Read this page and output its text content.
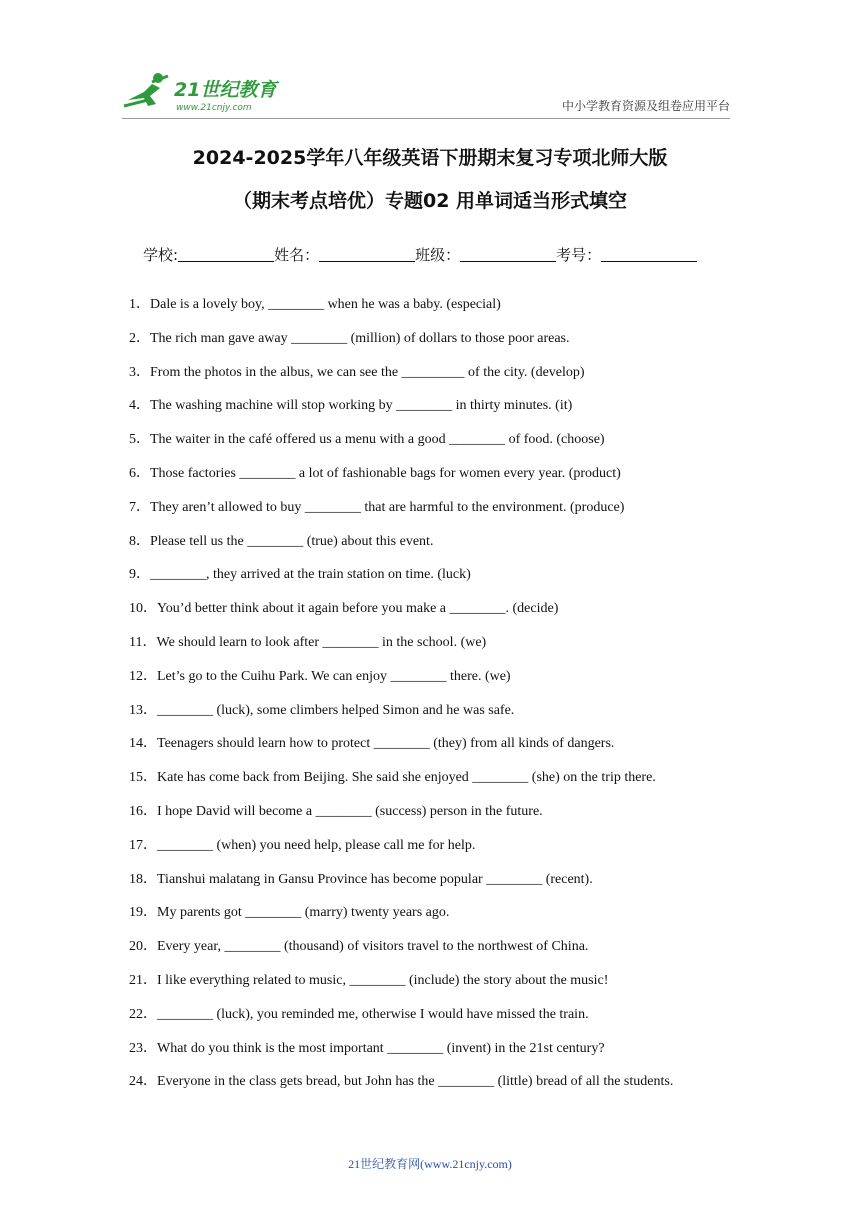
21世纪教育
www.21cnjy.com	中小学教育资源及组卷应用平台
2024-2025学年八年级英语下册期末复习专项北师大版
（期末考点培优）专题02 用单词适当形式填空
学校:	姓名：	班级：	考号：
1．Dale is a lovely boy, ________ when he was a baby. (especial)
2．The rich man gave away ________ (million) of dollars to those poor areas.
3．From the photos in the albus, we can see the _________ of the city. (develop)
4．The washing machine will stop working by ________ in thirty minutes. (it)
5．The waiter in the café offered us a menu with a good ________ of food. (choose)
6．Those factories ________ a lot of fashionable bags for women every year. (product)
7．They aren’t allowed to buy ________ that are harmful to the environment. (produce)
8．Please tell us the ________ (true) about this event.
9．________, they arrived at the train station on time. (luck)
10．You’d better think about it again before you make a ________. (decide)
11．We should learn to look after ________ in the school. (we)
12．Let’s go to the Cuihu Park. We can enjoy ________ there. (we)
13．________ (luck), some climbers helped Simon and he was safe.
14．Teenagers should learn how to protect ________ (they) from all kinds of dangers.
15．Kate has come back from Beijing. She said she enjoyed ________ (she) on the trip there.
16．I hope David will become a ________ (success) person in the future.
17．________ (when) you need help, please call me for help.
18．Tianshui malatang in Gansu Province has become popular ________ (recent).
19．My parents got ________ (marry) twenty years ago.
20．Every year, ________ (thousand) of visitors travel to the northwest of China.
21．I like everything related to music, ________ (include) the story about the music!
22．________ (luck), you reminded me, otherwise I would have missed the train.
23．What do you think is the most important ________ (invent) in the 21st century?
24．Everyone in the class gets bread, but John has the ________ (little) bread of all the students.
21世纪教育网(www.21cnjy.com)
